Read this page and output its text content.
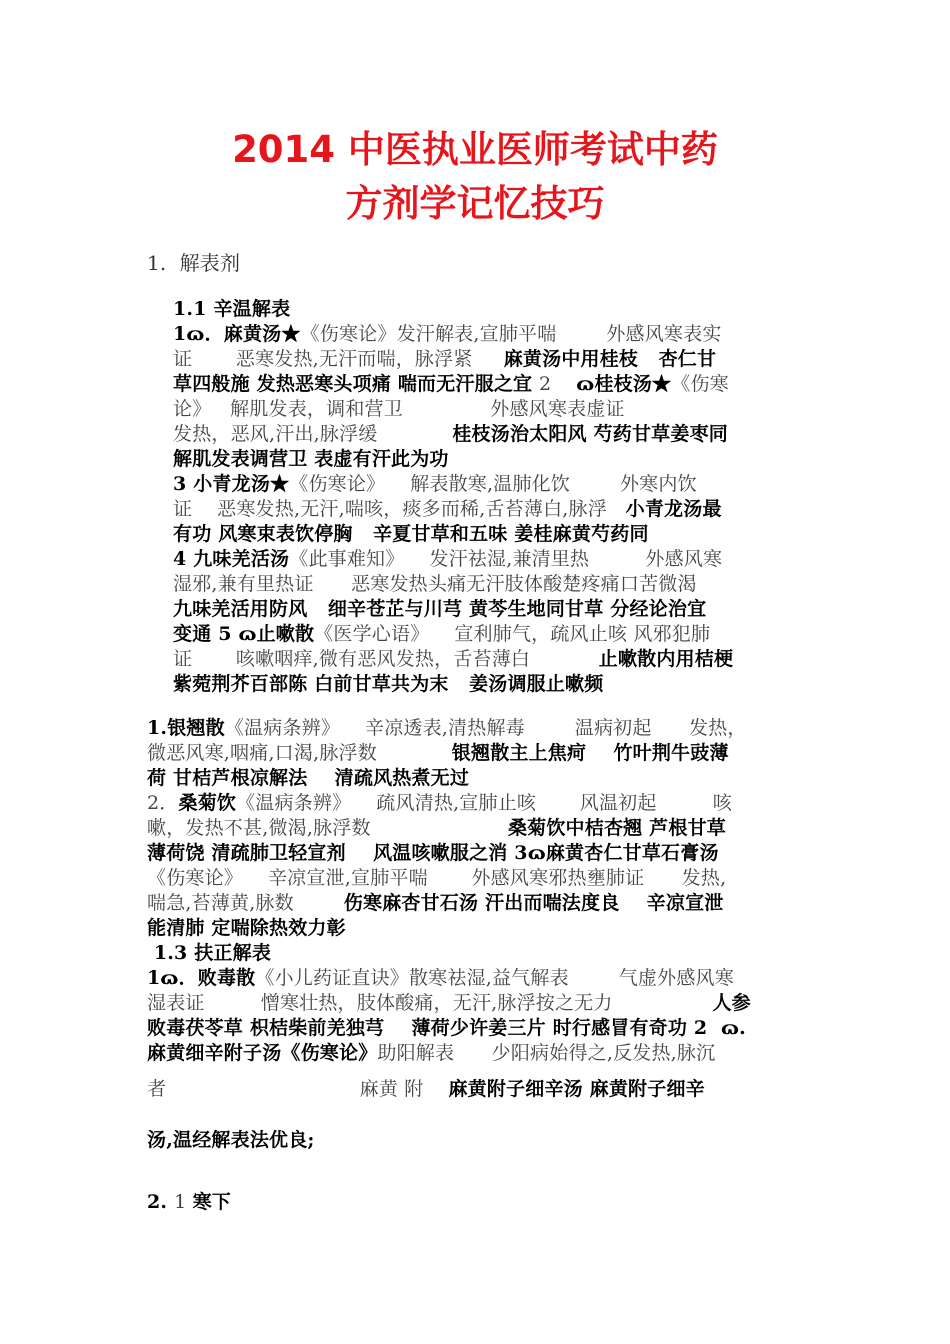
2014 中医执业医师考试中药
方剂学记忆技巧
1.  解表剂
1.1 辛温解表
1ɷ．麻黄汤★《伤寒论》发汗解表,宣肺平喘        外感风寒表实
证       恶寒发热,无汗而喘，脉浮紧     麻黄汤中用桂枝   杏仁甘
草四般施 发热恶寒头项痛 喘而无汗服之宜 2    ɷ桂枝汤★《伤寒
论》   解肌发表，调和营卫              外感风寒表虚证
发热，恶风,汗出,脉浮缓            桂枝汤治太阳风 芍药甘草姜枣同
解肌发表调营卫 表虚有汗此为功
3 小青龙汤★《伤寒论》    解表散寒,温肺化饮        外寒内饮
证    恶寒发热,无汗,喘咳，痰多而稀,舌苔薄白,脉浮   小青龙汤最
有功 风寒束表饮停胸   辛夏甘草和五味 姜桂麻黄芍药同
4 九味羌活汤《此事难知》    发汗祛湿,兼清里热         外感风寒
湿邪,兼有里热证      恶寒发热头痛无汗肢体酸楚疼痛口苦微渴
九味羌活用防风   细辛苍芷与川芎 黄芩生地同甘草 分经论治宜
变通 5 ɷ止嗽散《医学心语》    宣利肺气，疏风止咳 风邪犯肺
证       咳嗽咽痒,微有恶风发热，舌苔薄白           止嗽散内用桔梗
紫菀荆芥百部陈 白前甘草共为末   姜汤调服止嗽频
1.银翘散《温病条辨》    辛凉透表,清热解毒        温病初起      发热，
微恶风寒,咽痛,口渴,脉浮数            银翘散主上焦疴    竹叶荆牛豉薄
荷 甘桔芦根凉解法    清疏风热煮无过
2．桑菊饮《温病条辨》    疏风清热,宣肺止咳       风温初起         咳
嗽，发热不甚,微渴,脉浮数                      桑菊饮中桔杏翘 芦根甘草
薄荷饶 清疏肺卫轻宣剂    风温咳嗽服之消 3ɷ麻黄杏仁甘草石膏汤
《伤寒论》    辛凉宣泄,宣肺平喘       外感风寒邪热壅肺证      发热,
喘急,苔薄黄,脉数        伤寒麻杏甘石汤 汗出而喘法度良    辛凉宣泄
能清肺 定喘除热效力彰
1.3 扶正解表
1ɷ．败毒散《小儿药证直诀》散寒祛湿,益气解表        气虚外感风寒
湿表证         憎寒壮热，肢体酸痛，无汗,脉浮按之无力                人参
败毒茯苓草 枳桔柴前羌独芎    薄荷少许姜三片 时行感冒有奇功 2  ɷ.
麻黄细辛附子汤《伤寒论》助阳解表      少阳病始得之,反发热,脉沉
者                               麻黄 附    麻黄附子细辛汤 麻黄附子细辛
汤,温经解表法优良;
2. 1 寒下
